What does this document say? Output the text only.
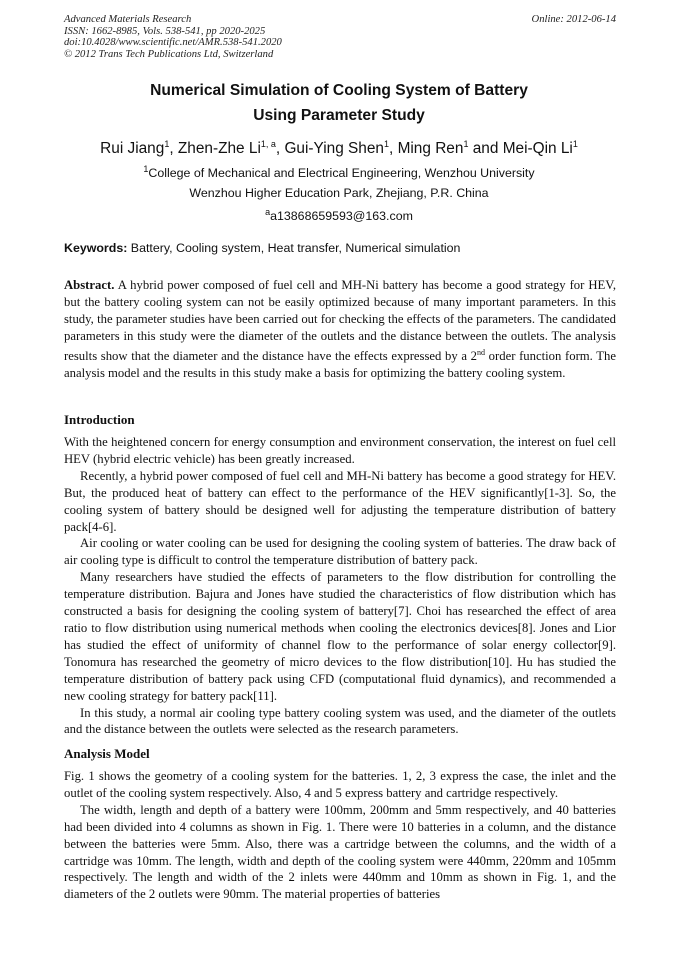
Advanced Materials Research
ISSN: 1662-8985, Vols. 538-541, pp 2020-2025
doi:10.4028/www.scientific.net/AMR.538-541.2020
© 2012 Trans Tech Publications Ltd, Switzerland
Online: 2012-06-14
Numerical Simulation of Cooling System of Battery
Using Parameter Study
Rui Jiang$^1$, Zhen-Zhe Li$^{1, a}$, Gui-Ying Shen$^1$, Ming Ren$^1$ and Mei-Qin Li$^1$
$^1$College of Mechanical and Electrical Engineering, Wenzhou University
Wenzhou Higher Education Park, Zhejiang, P.R. China
$^a$a13868659593@163.com
Keywords: Battery, Cooling system, Heat transfer, Numerical simulation

Abstract. A hybrid power composed of fuel cell and MH-Ni battery has become a good strategy for HEV, but the battery cooling system can not be easily optimized because of many important parameters. In this study, the parameter studies have been carried out for checking the effects of the parameters. The candidated parameters in this study were the diameter of the outlets and the distance between the outlets. The analysis results show that the diameter and the distance have the effects expressed by a 2nd order function form. The analysis model and the results in this study make a basis for optimizing the battery cooling system.

Introduction

With the heightened concern for energy consumption and environment conservation, the interest on fuel cell HEV (hybrid electric vehicle) has been greatly increased.

Recently, a hybrid power composed of fuel cell and MH-Ni battery has become a good strategy for HEV. But, the produced heat of battery can effect to the performance of the HEV significantly[1-3]. So, the cooling system of battery should be designed well for adjusting the temperature distribution of battery pack[4-6].

Air cooling or water cooling can be used for designing the cooling system of batteries. The draw back of air cooling type is difficult to control the temperature distribution of battery pack.

Many researchers have studied the effects of parameters to the flow distribution for controlling the temperature distribution. Bajura and Jones have studied the characteristics of flow distribution which has constructed a basis for designing the cooling system of battery[7]. Choi has researched the effect of area ratio to flow distribution using numerical methods when cooling the electronics devices[8]. Jones and Lior has studied the effect of uniformity of channel flow to the performance of solar energy collector[9]. Tonomura has researched the geometry of micro devices to the flow distribution[10]. Hu has studied the temperature distribution of battery pack using CFD (computational fluid dynamics), and recommended a new cooling strategy for battery pack[11].

In this study, a normal air cooling type battery cooling system was used, and the diameter of the outlets and the distance between the outlets were selected as the research parameters.

Analysis Model

Fig. 1 shows the geometry of a cooling system for the batteries. 1, 2, 3 express the case, the inlet and the outlet of the cooling system respectively. Also, 4 and 5 express battery and cartridge respectively.

The width, length and depth of a battery were 100mm, 200mm and 5mm respectively, and 40 batteries had been divided into 4 columns as shown in Fig. 1. There were 10 batteries in a column, and the distance between the batteries were 5mm. Also, there was a cartridge between the columns, and the width of a cartridge was 10mm. The length, width and depth of the cooling system were 440mm, 220mm and 105mm respectively. The length and width of the 2 inlets were 440mm and 10mm as shown in Fig. 1, and the diameters of the 2 outlets were 90mm. The material properties of batteries
